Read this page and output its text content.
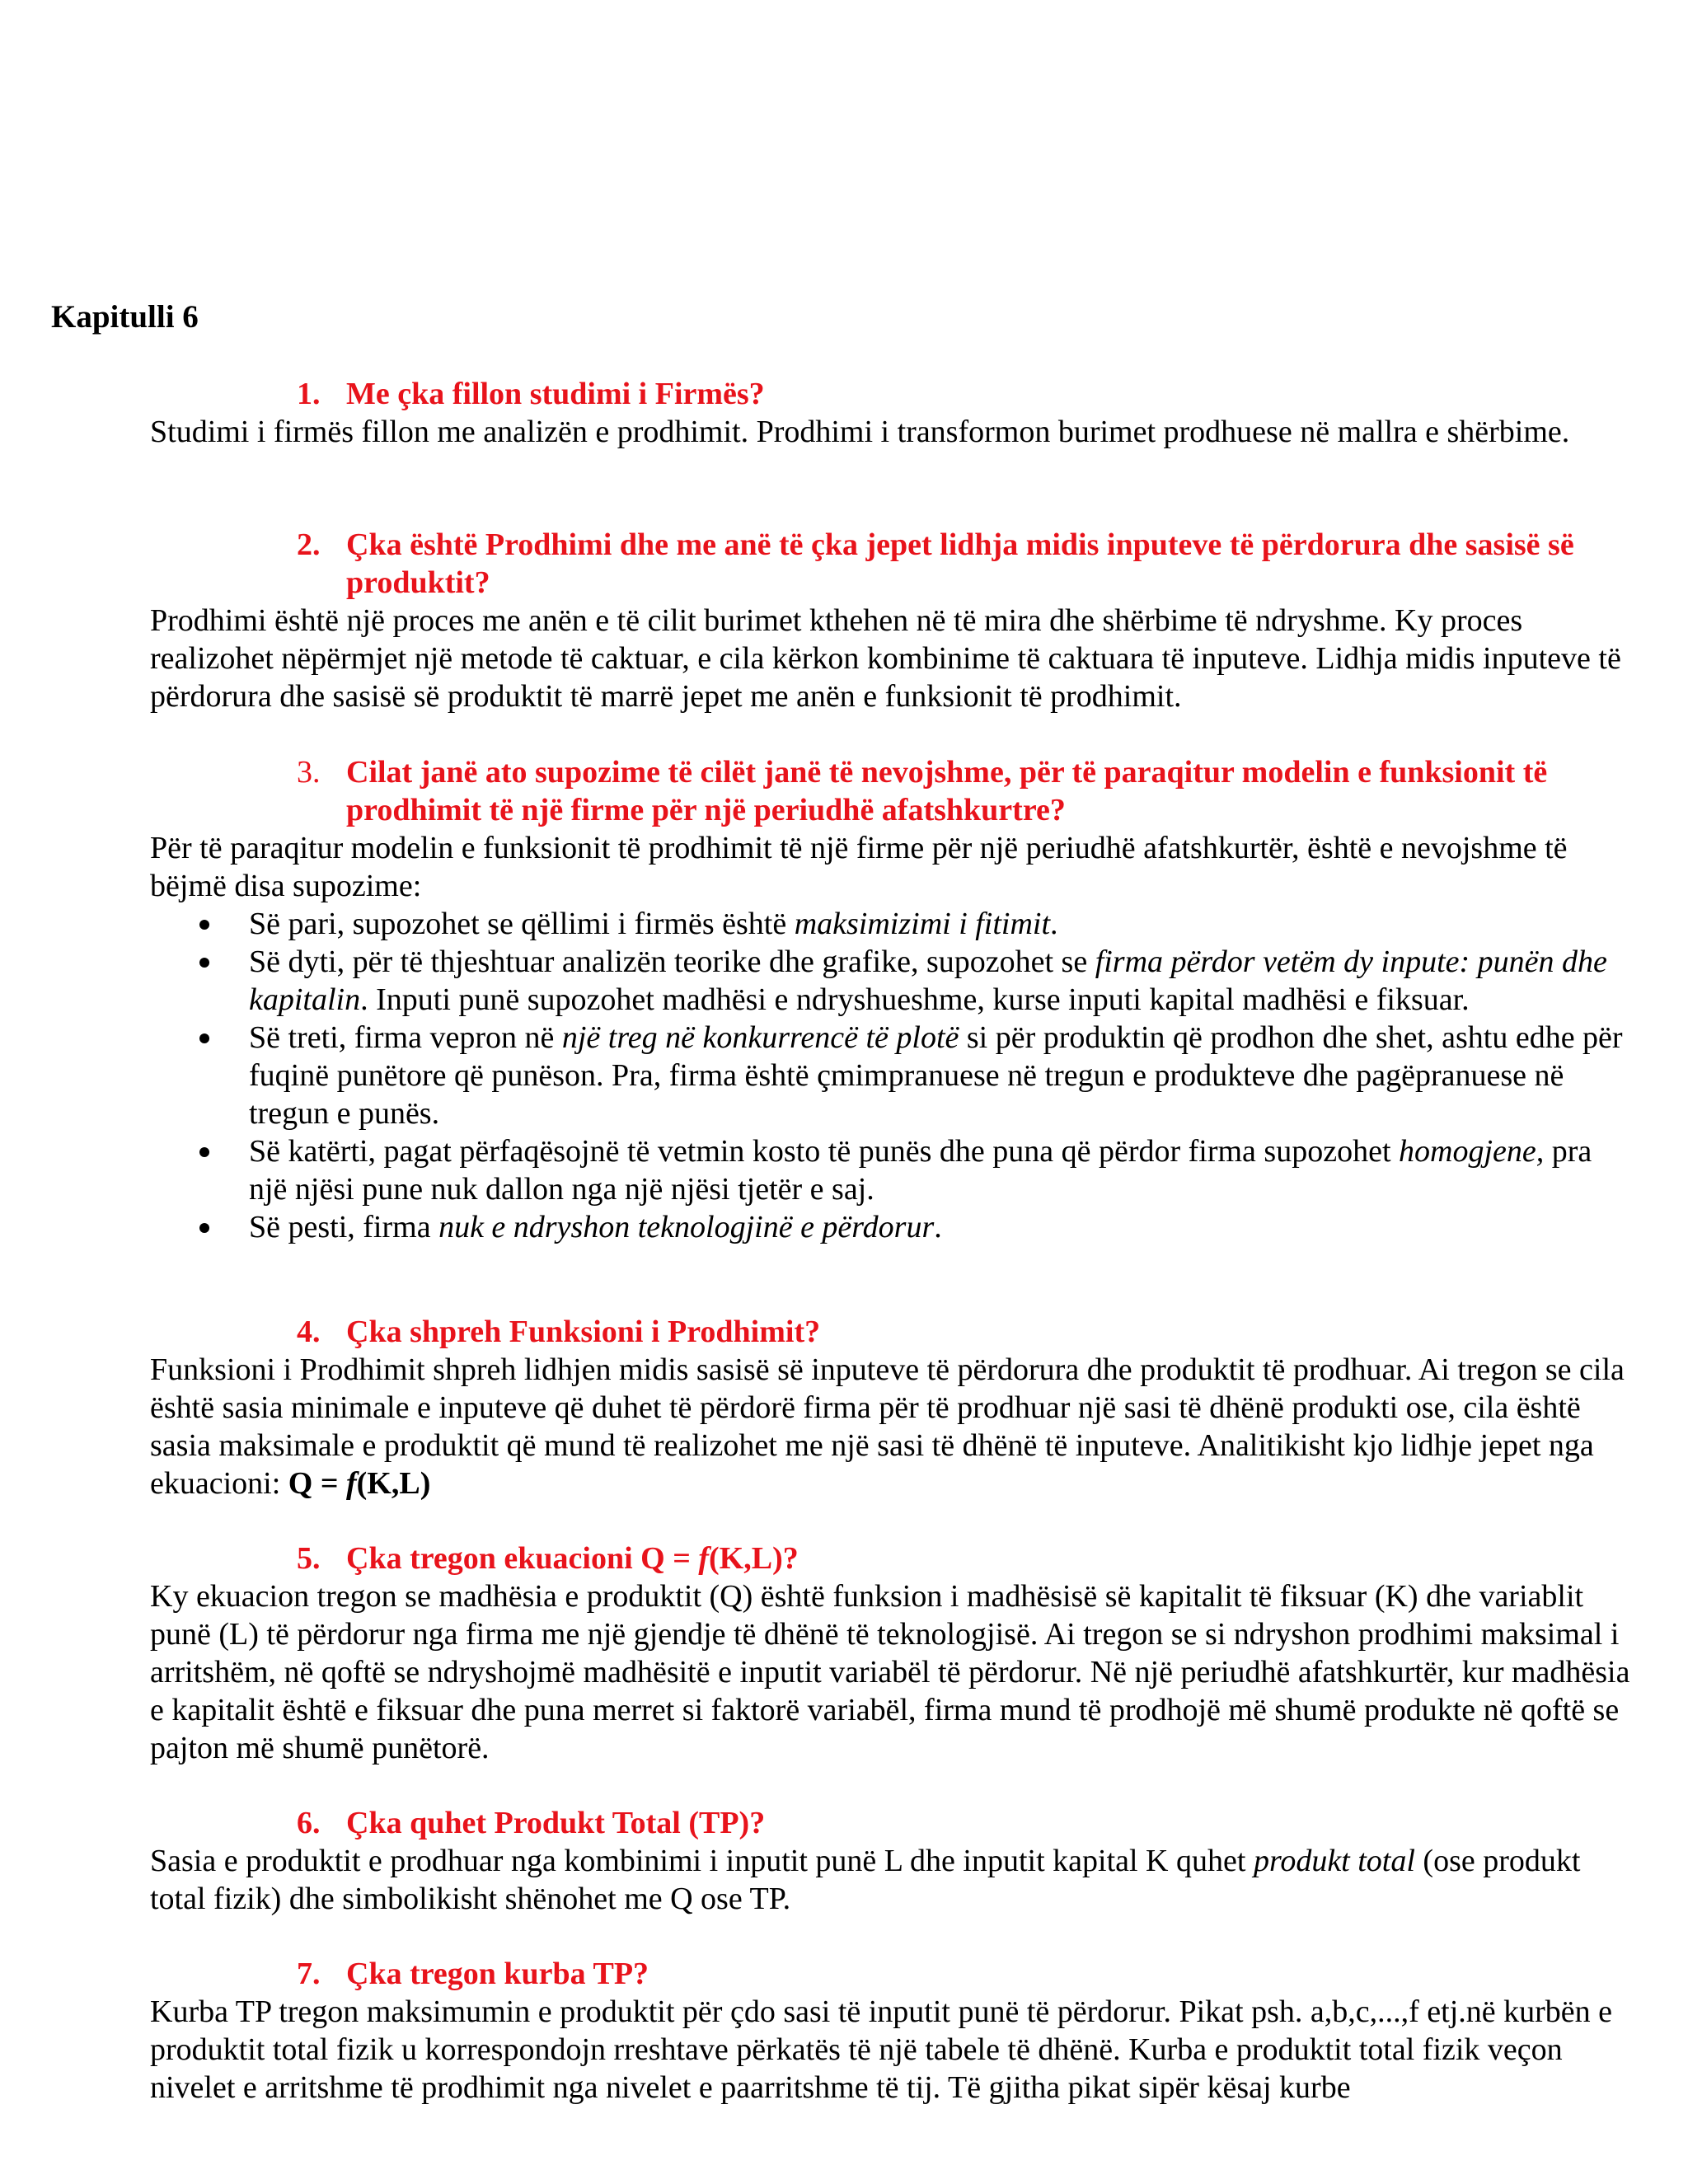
Kapitulli 6

1. Me çka fillon studimi i Firmës?

Studimi i firmës fillon me analizën e prodhimit. Prodhimi i transformon burimet prodhuese në mallra e shërbime.

2. Çka është Prodhimi dhe me anë të çka jepet lidhja midis inputeve të përdorura dhe sasisë së produktit?

Prodhimi është një proces me anën e të cilit burimet kthehen në të mira dhe shërbime të ndryshme. Ky proces realizohet nëpërmjet një metode të caktuar, e cila kërkon kombinime të caktuara të inputeve. Lidhja midis inputeve të përdorura dhe sasisë së produktit të marrë jepet me anën e funksionit të prodhimit.

3. Cilat janë ato supozime të cilët janë të nevojshme, për të paraqitur modelin e funksionit të prodhimit të një firme për një periudhë afatshkurtre?

Për të paraqitur modelin e funksionit të prodhimit të një firme për një periudhë afatshkurtër, është e nevojshme të bëjmë disa supozime:

Së pari, supozohet se qëllimi i firmës është maksimizimi i fitimit.
Së dyti, për të thjeshtuar analizën teorike dhe grafike, supozohet se firma përdor vetëm dy inpute: punën dhe kapitalin. Inputi punë supozohet madhësi e ndryshueshme, kurse inputi kapital madhësi e fiksuar.
Së treti, firma vepron në një treg në konkurrencë të plotë si për produktin që prodhon dhe shet, ashtu edhe për fuqinë punëtore që punëson. Pra, firma është çmimpranuese në tregun e produkteve dhe pagëpranuese në tregun e punës.
Së katërti, pagat përfaqësojnë të vetmin kosto të punës dhe puna që përdor firma supozohet homogjene, pra një njësi pune nuk dallon nga një njësi tjetër e saj.
Së pesti, firma nuk e ndryshon teknologjinë e përdorur.

4. Çka shpreh Funksioni i Prodhimit?

Funksioni i Prodhimit shpreh lidhjen midis sasisë së inputeve të përdorura dhe produktit të prodhuar. Ai tregon se cila është sasia minimale e inputeve që duhet të përdorë firma për të prodhuar një sasi të dhënë produkti ose, cila është sasia maksimale e produktit që mund të realizohet me një sasi të dhënë të inputeve. Analitikisht kjo lidhje jepet nga ekuacioni: Q = f(K,L)

5. Çka tregon ekuacioni Q = f(K,L)?

Ky ekuacion tregon se madhësia e produktit (Q) është funksion i madhësisë së kapitalit të fiksuar (K) dhe variablit punë (L) të përdorur nga firma me një gjendje të dhënë të teknologjisë. Ai tregon se si ndryshon prodhimi maksimal i arritshëm, në qoftë se ndryshojmë madhësitë e inputit variabël të përdorur. Në një periudhë afatshkurtër, kur madhësia e kapitalit është e fiksuar dhe puna merret si faktorë variabël, firma mund të prodhojë më shumë produkte në qoftë se pajton më shumë punëtorë.

6. Çka quhet Produkt Total (TP)?

Sasia e produktit e prodhuar nga kombinimi i inputit punë L dhe inputit kapital K quhet produkt total (ose produkt total fizik) dhe simbolikisht shënohet me Q ose TP.

7. Çka tregon kurba TP?

Kurba TP tregon maksimumin e produktit për çdo sasi të inputit punë të përdorur. Pikat psh. a,b,c,...,f etj.në kurbën e produktit total fizik u korrespondojn rreshtave përkatës të një tabele të dhënë. Kurba e produktit total fizik veçon nivelet e arritshme të prodhimit nga nivelet e paarritshme të tij. Të gjitha pikat sipër kësaj kurbe
